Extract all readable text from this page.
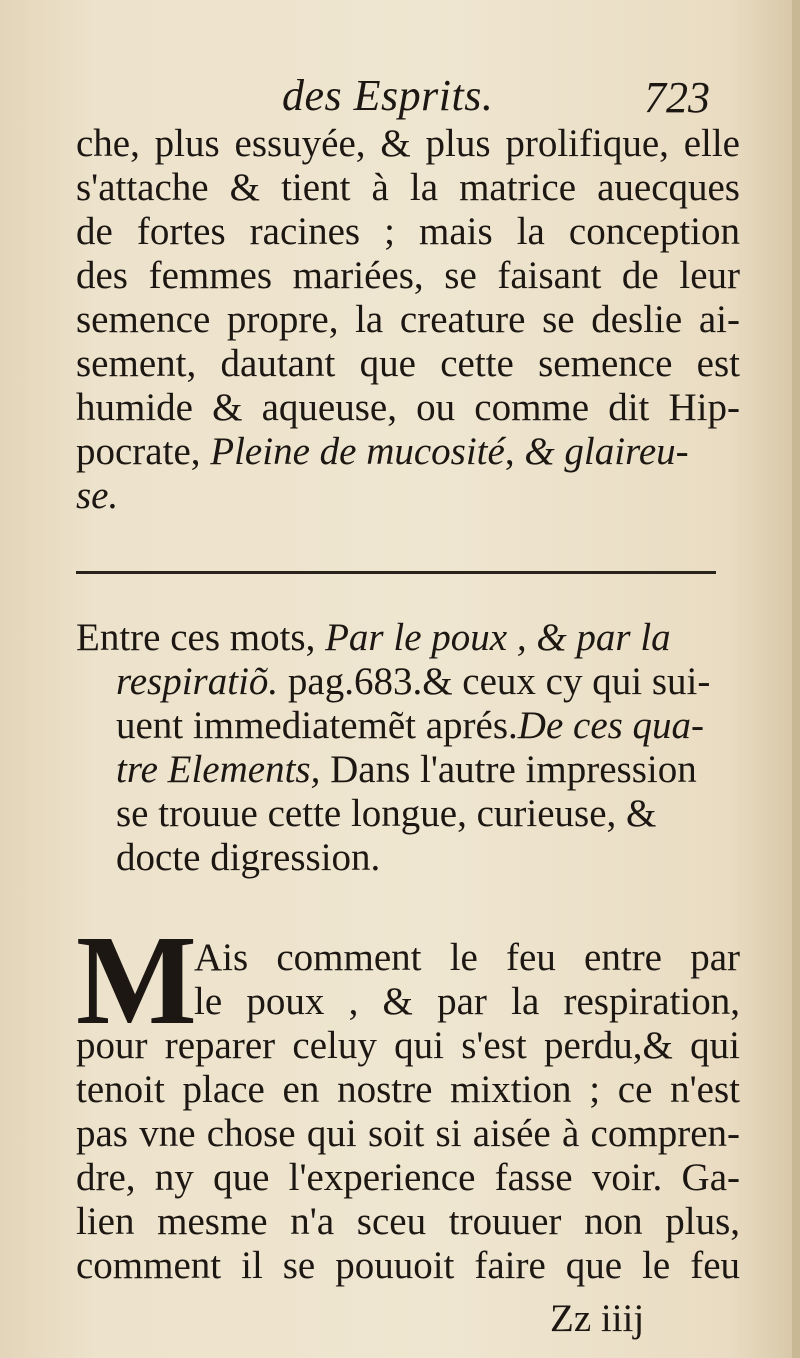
des Esprits.	723
che, plus essuyée, & plus prolifique, elle
s'attache & tient à la matrice auecques
de fortes racines ; mais la conception
des femmes mariées, se faisant de leur
semence propre, la creature se deslie ai-
sement, dautant que cette semence est
humide & aqueuse, ou comme dit Hip-
pocrate, Pleine de mucosité, & glaireu-
se.
Entre ces mots, Par le poux , & par la
respiratiõ. pag.683.& ceux cy qui sui-
uent immediatemẽt aprés.De ces qua-
tre Elements, Dans l'autre impression
se trouue cette longue, curieuse, &
docte digression.
M
Ais comment le feu entre par
le poux , & par la respiration,
pour reparer celuy qui s'est perdu,& qui
tenoit place en nostre mixtion ; ce n'est
pas vne chose qui soit si aisée à compren-
dre, ny que l'experience fasse voir. Ga-
lien mesme n'a sceu trouuer non plus,
comment il se pouuoit faire que le feu
Zz iiij
